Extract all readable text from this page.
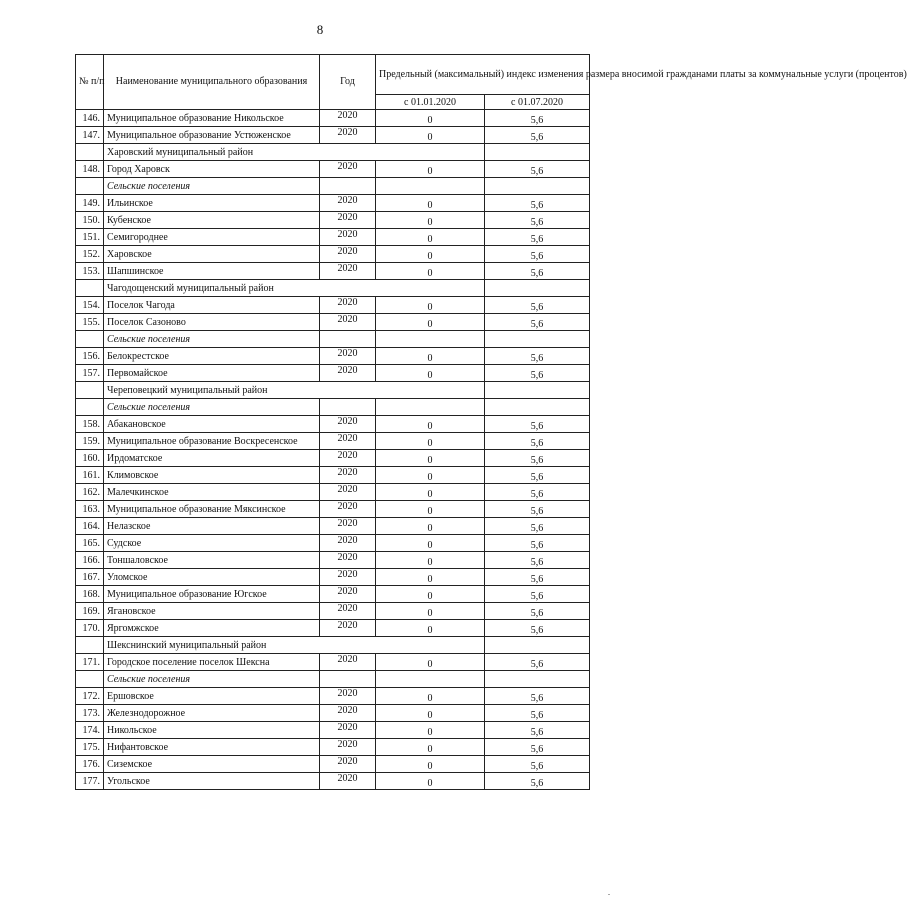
8
№ п/п	Наименование муниципального образования	Год	Предельный (максимальный) индекс изменения размера вносимой гражданами платы за коммунальные услуги (процентов)	
			с 01.01.2020	с 01.07.2020
146.	Муниципальное образование Никольское	2020	0	5,6
147.	Муниципальное образование Устюженское	2020	0	5,6
	Харовский муниципальный район			
148.	Город Харовск	2020	0	5,6
	Сельские поселения			
149.	Ильинское	2020	0	5,6
150.	Кубенское	2020	0	5,6
151.	Семигороднее	2020	0	5,6
152.	Харовское	2020	0	5,6
153.	Шапшинское	2020	0	5,6
	Чагодощенский муниципальный район			
154.	Поселок Чагода	2020	0	5,6
155.	Поселок Сазоново	2020	0	5,6
	Сельские поселения			
156.	Белокрестское	2020	0	5,6
157.	Первомайское	2020	0	5,6
	Череповецкий муниципальный район			
	Сельские поселения			
158.	Абакановское	2020	0	5,6
159.	Муниципальное образование Воскресенское	2020	0	5,6
160.	Ирдоматское	2020	0	5,6
161.	Климовское	2020	0	5,6
162.	Малечкинское	2020	0	5,6
163.	Муниципальное образование Мяксинское	2020	0	5,6
164.	Нелазское	2020	0	5,6
165.	Судское	2020	0	5,6
166.	Тоншаловское	2020	0	5,6
167.	Уломское	2020	0	5,6
168.	Муниципальное образование Югское	2020	0	5,6
169.	Ягановское	2020	0	5,6
170.	Яргомжское	2020	0	5,6
	Шекснинский муниципальный район			
171.	Городское поселение поселок Шексна	2020	0	5,6
	Сельские поселения			
172.	Ершовское	2020	0	5,6
173.	Железнодорожное	2020	0	5,6
174.	Никольское	2020	0	5,6
175.	Нифантовское	2020	0	5,6
176.	Сиземское	2020	0	5,6
177.	Угольское	2020	0	5,6
.
